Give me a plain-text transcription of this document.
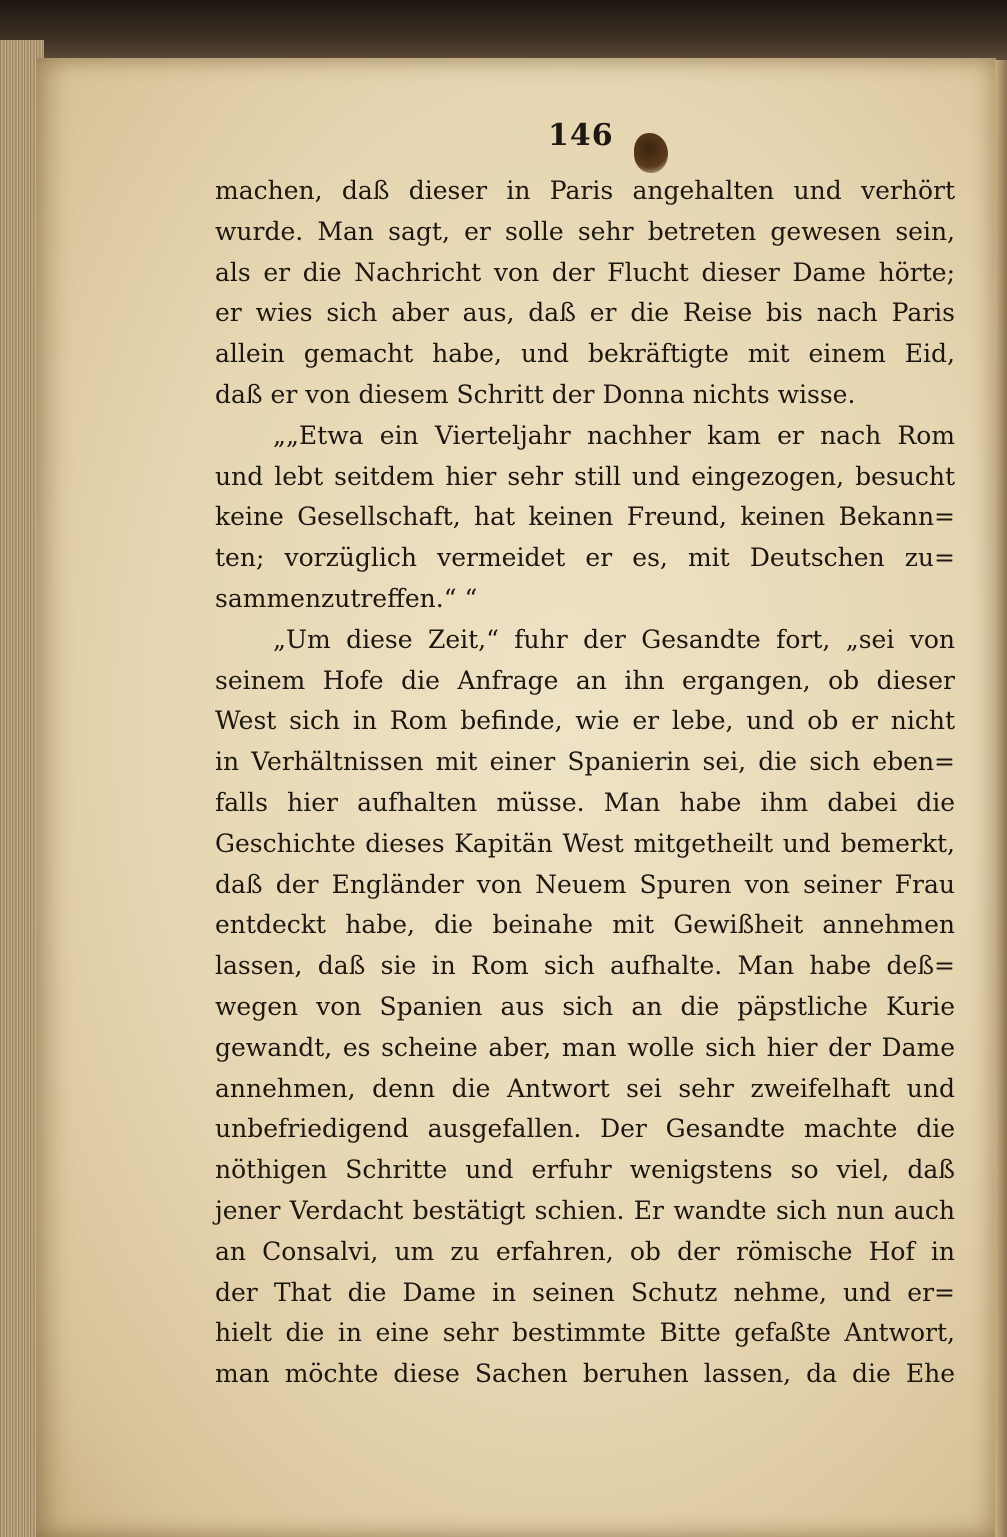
146
machen, daß dieser in Paris angehalten und verhört
wurde. Man sagt, er solle sehr betreten gewesen sein,
als er die Nachricht von der Flucht dieser Dame hörte;
er wies sich aber aus, daß er die Reise bis nach Paris
allein gemacht habe, und bekräftigte mit einem Eid,
daß er von diesem Schritt der Donna nichts wisse.
„„Etwa ein Vierteljahr nachher kam er nach Rom
und lebt seitdem hier sehr still und eingezogen, besucht
keine Gesellschaft, hat keinen Freund, keinen Bekann=
ten; vorzüglich vermeidet er es, mit Deutschen zu=
sammenzutreffen.“ “
„Um diese Zeit,“ fuhr der Gesandte fort, „sei von
seinem Hofe die Anfrage an ihn ergangen, ob dieser
West sich in Rom befinde, wie er lebe, und ob er nicht
in Verhältnissen mit einer Spanierin sei, die sich eben=
falls hier aufhalten müsse. Man habe ihm dabei die
Geschichte dieses Kapitän West mitgetheilt und bemerkt,
daß der Engländer von Neuem Spuren von seiner Frau
entdeckt habe, die beinahe mit Gewißheit annehmen
lassen, daß sie in Rom sich aufhalte. Man habe deß=
wegen von Spanien aus sich an die päpstliche Kurie
gewandt, es scheine aber, man wolle sich hier der Dame
annehmen, denn die Antwort sei sehr zweifelhaft und
unbefriedigend ausgefallen. Der Gesandte machte die
nöthigen Schritte und erfuhr wenigstens so viel, daß
jener Verdacht bestätigt schien. Er wandte sich nun auch
an Consalvi, um zu erfahren, ob der römische Hof in
der That die Dame in seinen Schutz nehme, und er=
hielt die in eine sehr bestimmte Bitte gefaßte Antwort,
man möchte diese Sachen beruhen lassen, da die Ehe
